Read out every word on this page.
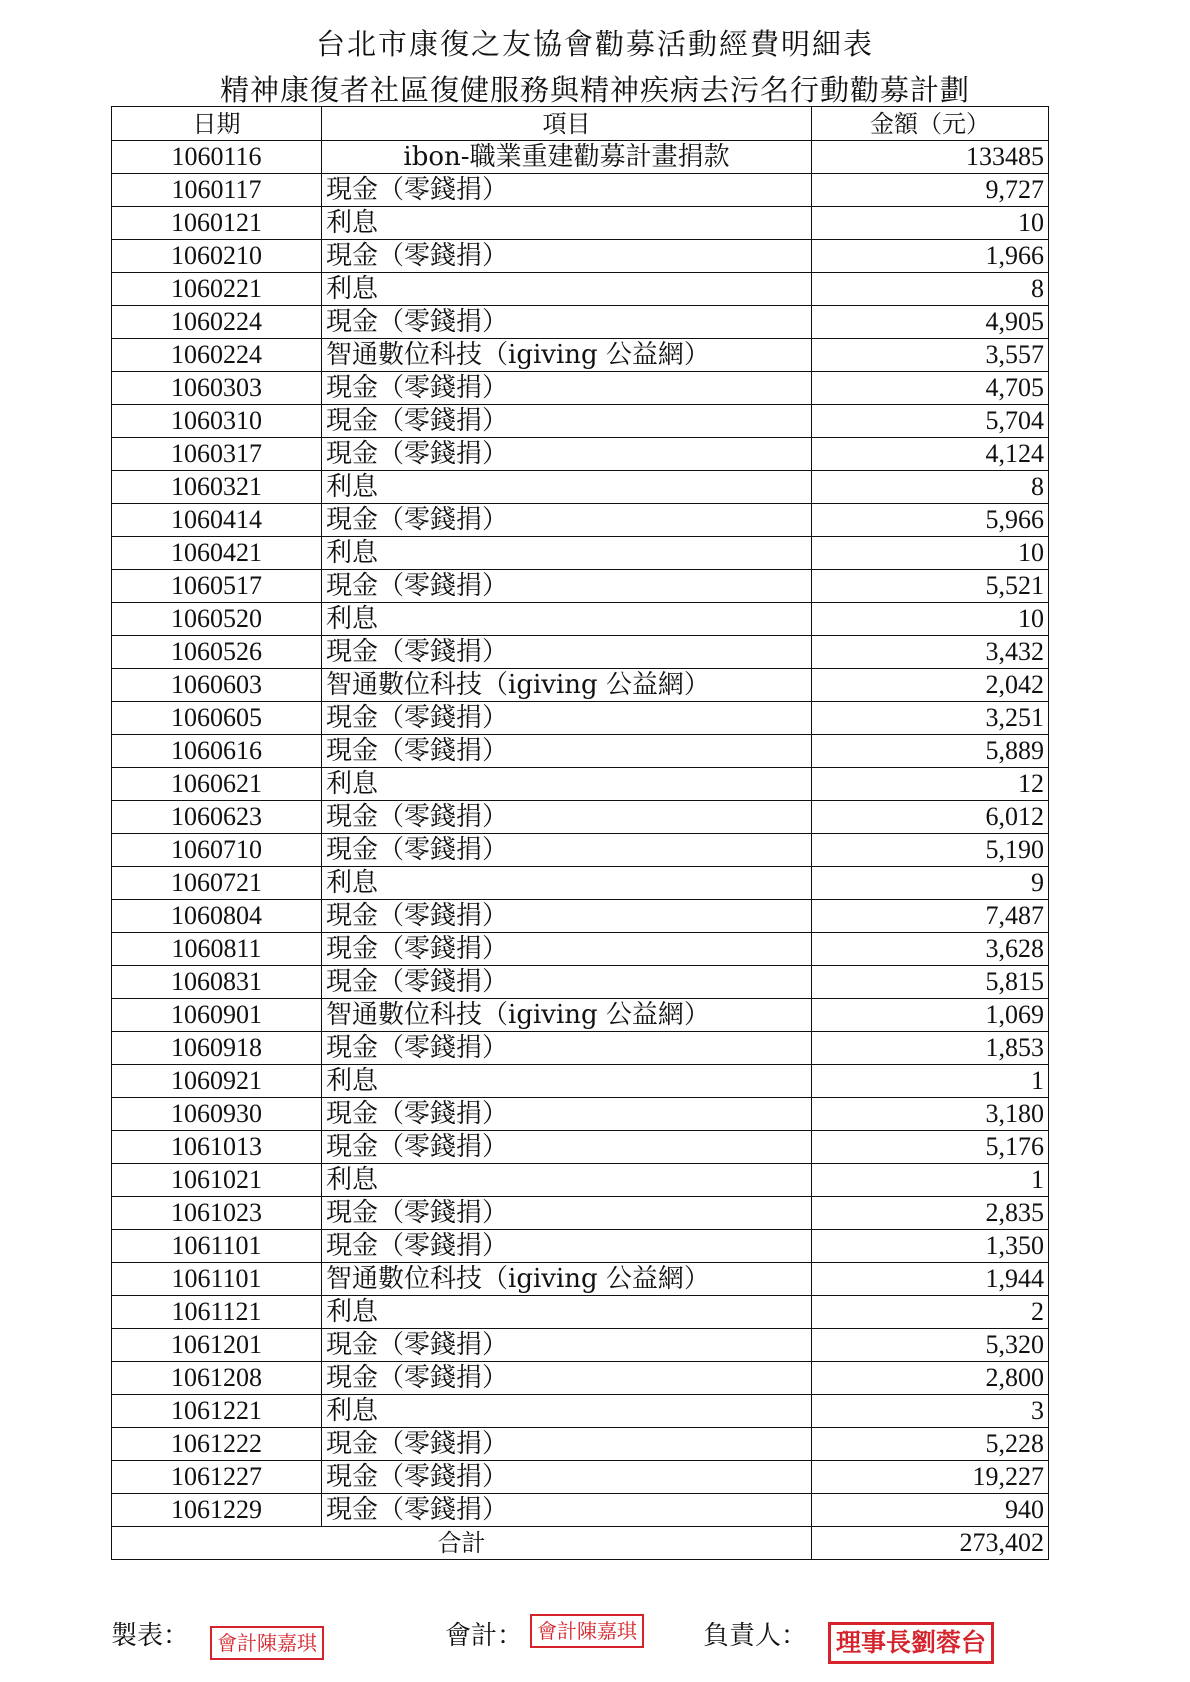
台北市康復之友協會勸募活動經費明細表
精神康復者社區復健服務與精神疾病去污名行動勸募計劃
日期	項目	金額（元）
1060116	ibon-職業重建勸募計畫捐款	133485
1060117	現金（零錢捐）	9,727
1060121	利息	10
1060210	現金（零錢捐）	1,966
1060221	利息	8
1060224	現金（零錢捐）	4,905
1060224	智通數位科技（igiving 公益網）	3,557
1060303	現金（零錢捐）	4,705
1060310	現金（零錢捐）	5,704
1060317	現金（零錢捐）	4,124
1060321	利息	8
1060414	現金（零錢捐）	5,966
1060421	利息	10
1060517	現金（零錢捐）	5,521
1060520	利息	10
1060526	現金（零錢捐）	3,432
1060603	智通數位科技（igiving 公益網）	2,042
1060605	現金（零錢捐）	3,251
1060616	現金（零錢捐）	5,889
1060621	利息	12
1060623	現金（零錢捐）	6,012
1060710	現金（零錢捐）	5,190
1060721	利息	9
1060804	現金（零錢捐）	7,487
1060811	現金（零錢捐）	3,628
1060831	現金（零錢捐）	5,815
1060901	智通數位科技（igiving 公益網）	1,069
1060918	現金（零錢捐）	1,853
1060921	利息	1
1060930	現金（零錢捐）	3,180
1061013	現金（零錢捐）	5,176
1061021	利息	1
1061023	現金（零錢捐）	2,835
1061101	現金（零錢捐）	1,350
1061101	智通數位科技（igiving 公益網）	1,944
1061121	利息	2
1061201	現金（零錢捐）	5,320
1061208	現金（零錢捐）	2,800
1061221	利息	3
1061222	現金（零錢捐）	5,228
1061227	現金（零錢捐）	19,227
1061229	現金（零錢捐）	940
合計		273,402
製表：	會計陳嘉琪	會計： 會計陳嘉琪	負責人：	理事長劉蓉台
